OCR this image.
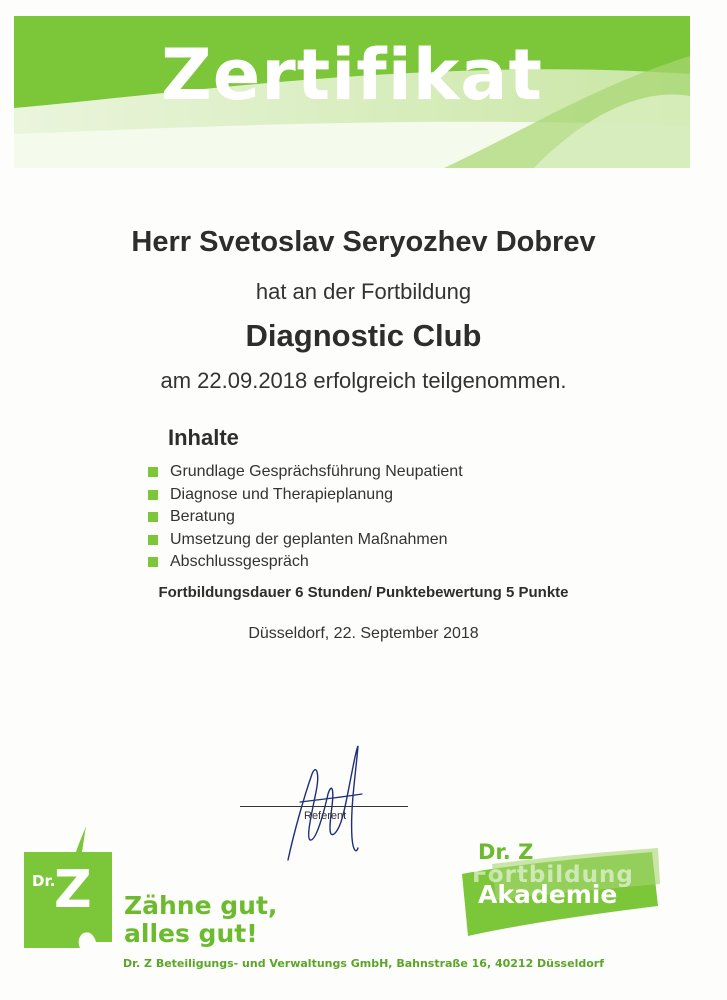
Zertifikat
Herr Svetoslav Seryozhev Dobrev
hat an der Fortbildung
Diagnostic Club
am 22.09.2018 erfolgreich teilgenommen.
Inhalte
Grundlage Gesprächsführung Neupatient
Diagnose und Therapieplanung
Beratung
Umsetzung der geplanten Maßnahmen
Abschlussgespräch
Fortbildungsdauer 6 Stunden/ Punktebewertung 5 Punkte
Düsseldorf, 22. September 2018
Referent
Dr.
Z Zähne gut,
alles gut!
Dr. Z
Fortbildung
Akademie
Dr. Z Beteiligungs- und Verwaltungs GmbH, Bahnstraße 16, 40212 Düsseldorf
